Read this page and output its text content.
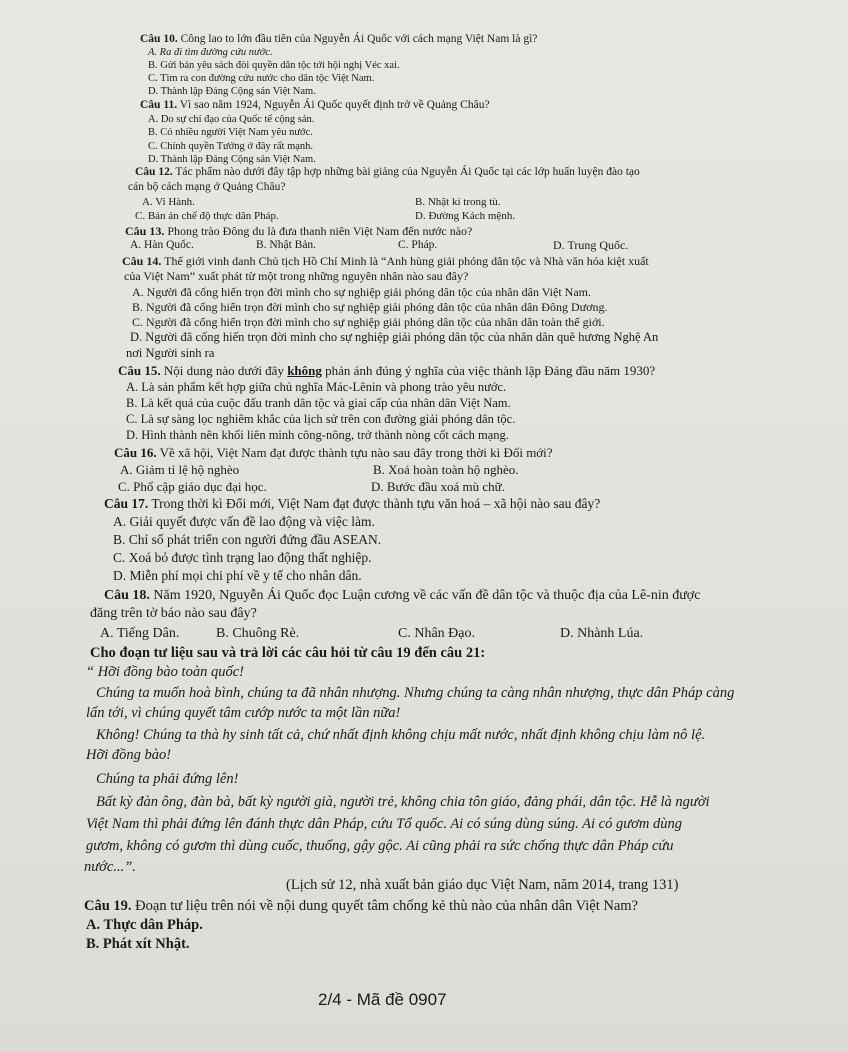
Câu 10. Công lao to lớn đầu tiên của Nguyễn Ái Quốc với cách mạng Việt Nam là gì?
A. Ra đi tìm đường cứu nước.
B. Gửi bản yêu sách đòi quyền dân tộc tới hội nghị Véc xai.
C. Tìm ra con đường cứu nước cho dân tộc Việt Nam.
D. Thành lập Đảng Cộng sản Việt Nam.
Câu 11. Vì sao năm 1924, Nguyễn Ái Quốc quyết định trở về Quảng Châu?
A. Do sự chỉ đạo của Quốc tế cộng sản.
B. Có nhiều người Việt Nam yêu nước.
C. Chính quyền Tưởng ở đây rất mạnh.
D. Thành lập Đảng Cộng sản Việt Nam.
Câu 12. Tác phẩm nào dưới đây tập hợp những bài giảng của Nguyễn Ái Quốc tại các lớp huấn luyện đào tạo
cán bộ cách mạng ở Quảng Châu?
A. Vi Hành.	B. Nhật kí trong tù.
C. Bản án chế độ thực dân Pháp.	D. Đường Kách mệnh.
Câu 13. Phong trào Đông du là đưa thanh niên Việt Nam đến nước nào?
A. Hàn Quốc.	B. Nhật Bản.	C. Pháp.	D. Trung Quốc.
Câu 14. Thế giới vinh danh Chủ tịch Hồ Chí Minh là “Anh hùng giải phóng dân tộc và Nhà văn hóa kiệt xuất
của Việt Nam” xuất phát từ một trong những nguyên nhân nào sau đây?
A. Người đã cống hiến trọn đời mình cho sự nghiệp giải phóng dân tộc của nhân dân Việt Nam.
B. Người đã cống hiến trọn đời mình cho sự nghiệp giải phóng dân tộc của nhân dân Đông Dương.
C. Người đã cống hiến trọn đời mình cho sự nghiệp giải phóng dân tộc của nhân dân toàn thế giới.
D. Người đã cống hiến trọn đời mình cho sự nghiệp giải phóng dân tộc của nhân dân quê hương Nghệ An
nơi Người sinh ra
Câu 15. Nội dung nào dưới đây không phản ánh đúng ý nghĩa của việc thành lập Đảng đầu năm 1930?
A. Là sản phẩm kết hợp giữa chủ nghĩa Mác-Lênin và phong trào yêu nước.
B. Là kết quả của cuộc đấu tranh dân tộc và giai cấp của nhân dân Việt Nam.
C. Là sự sàng lọc nghiêm khắc của lịch sử trên con đường giải phóng dân tộc.
D. Hình thành nên khối liên minh công-nông, trở thành nòng cốt cách mạng.
Câu 16. Về xã hội, Việt Nam đạt được thành tựu nào sau đây trong thời kì Đổi mới?
A. Giảm tỉ lệ hộ nghèo	B. Xoá hoàn toàn hộ nghèo.
C. Phổ cập giáo dục đại học.	D. Bước đầu xoá mù chữ.
Câu 17. Trong thời kì Đổi mới, Việt Nam đạt được thành tựu văn hoá – xã hội nào sau đây?
A. Giải quyết được vấn đề lao động và việc làm.
B. Chỉ số phát triển con người đứng đầu ASEAN.
C. Xoá bỏ được tình trạng lao động thất nghiệp.
D. Miễn phí mọi chi phí về y tế cho nhân dân.
Câu 18. Năm 1920, Nguyễn Ái Quốc đọc Luận cương về các vấn đề dân tộc và thuộc địa của Lê-nin được
đăng trên tờ báo nào sau đây?
A. Tiếng Dân.	B. Chuông Rè.	C. Nhân Đạo.	D. Nhành Lúa.
Cho đoạn tư liệu sau và trả lời các câu hỏi từ câu 19 đến câu 21:
“ Hỡi đồng bào toàn quốc!
Chúng ta muốn hoà bình, chúng ta đã nhân nhượng. Nhưng chúng ta càng nhân nhượng, thực dân Pháp càng
lấn tới, vì chúng quyết tâm cướp nước ta một lần nữa!
Không! Chúng ta thà hy sinh tất cả, chứ nhất định không chịu mất nước, nhất định không chịu làm nô lệ.
Hỡi đồng bào!
Chúng ta phải đứng lên!
Bất kỳ đàn ông, đàn bà, bất kỳ người già, người trẻ, không chia tôn giáo, đảng phái, dân tộc. Hễ là người
Việt Nam thì phải đứng lên đánh thực dân Pháp, cứu Tổ quốc. Ai có súng dùng súng. Ai có gươm dùng
gươm, không có gươm thì dùng cuốc, thuổng, gậy gộc. Ai cũng phải ra sức chống thực dân Pháp cứu
nước...”.
(Lịch sử 12, nhà xuất bản giáo dục Việt Nam, năm 2014, trang 131)
Câu 19. Đoạn tư liệu trên nói về nội dung quyết tâm chống kẻ thù nào của nhân dân Việt Nam?
A. Thực dân Pháp.
B. Phát xít Nhật.
2/4 - Mã đề 0907
